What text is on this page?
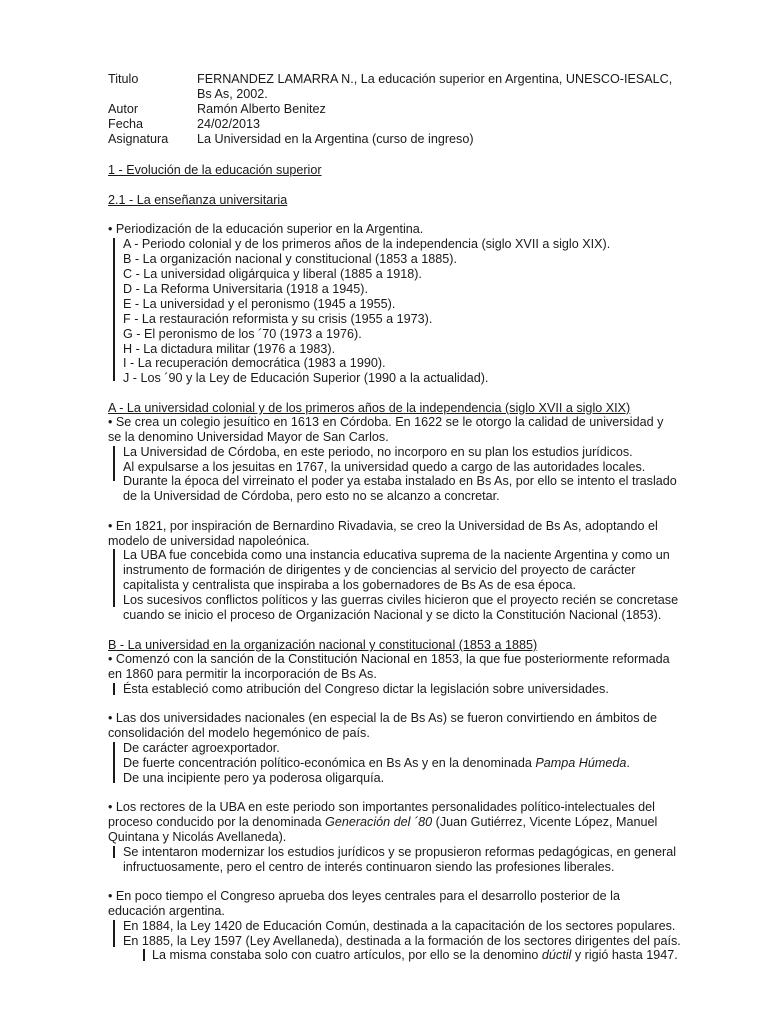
Titulo	FERNANDEZ LAMARRA N., La educación superior en Argentina, UNESCO-IESALC,
Bs As, 2002.
Autor	Ramón Alberto Benitez
Fecha	24/02/2013
Asignatura	La Universidad en la Argentina (curso de ingreso)
1 - Evolución de la educación superior
2.1 - La enseñanza universitaria
• Periodización de la educación superior en la Argentina.
A - Periodo colonial y de los primeros años de la independencia (siglo XVII a siglo XIX).
B - La organización nacional y constitucional (1853 a 1885).
C - La universidad oligárquica y liberal (1885 a 1918).
D - La Reforma Universitaria (1918 a 1945).
E - La universidad y el peronismo (1945 a 1955).
F - La restauración reformista y su crisis (1955 a 1973).
G - El peronismo de los ´70 (1973 a 1976).
H - La dictadura militar (1976 a 1983).
I - La recuperación democrática (1983 a 1990).
J - Los ´90 y la Ley de Educación Superior (1990 a la actualidad).
A - La universidad colonial y de los primeros años de la independencia (siglo XVII a siglo XIX)
• Se crea un colegio jesuítico en 1613 en Córdoba. En 1622 se le otorgo la calidad de universidad y
se la denomino Universidad Mayor de San Carlos.
La Universidad de Córdoba, en este periodo, no incorporo en su plan los estudios jurídicos.
Al expulsarse a los jesuitas en 1767, la universidad quedo a cargo de las autoridades locales.
Durante la época del virreinato el poder ya estaba instalado en Bs As, por ello se intento el traslado
de la Universidad de Córdoba, pero esto no se alcanzo a concretar.
• En 1821, por inspiración de Bernardino Rivadavia, se creo la Universidad de Bs As, adoptando el
modelo de universidad napoleónica.
La UBA fue concebida como una instancia educativa suprema de la naciente Argentina y como un
instrumento de formación de dirigentes y de conciencias al servicio del proyecto de carácter
capitalista y centralista que inspiraba a los gobernadores de Bs As de esa época.
Los sucesivos conflictos políticos y las guerras civiles hicieron que el proyecto recién se concretase
cuando se inicio el proceso de Organización Nacional y se dicto la Constitución Nacional (1853).
B - La universidad en la organización nacional y constitucional (1853 a 1885)
• Comenzó con la sanción de la Constitución Nacional en 1853, la que fue posteriormente reformada
en 1860 para permitir la incorporación de Bs As.
Ésta estableció como atribución del Congreso dictar la legislación sobre universidades.
• Las dos universidades nacionales (en especial la de Bs As) se fueron convirtiendo en ámbitos de
consolidación del modelo hegemónico de país.
De carácter agroexportador.
De fuerte concentración político-económica en Bs As y en la denominada Pampa Húmeda.
De una incipiente pero ya poderosa oligarquía.
• Los rectores de la UBA en este periodo son importantes personalidades político-intelectuales del
proceso conducido por la denominada Generación del ´80 (Juan Gutiérrez, Vicente López, Manuel
Quintana y Nicolás Avellaneda).
Se intentaron modernizar los estudios jurídicos y se propusieron reformas pedagógicas, en general
infructuosamente, pero el centro de interés continuaron siendo las profesiones liberales.
• En poco tiempo el Congreso aprueba dos leyes centrales para el desarrollo posterior de la
educación argentina.
En 1884, la Ley 1420 de Educación Común, destinada a la capacitación de los sectores populares.
En 1885, la Ley 1597 (Ley Avellaneda), destinada a la formación de los sectores dirigentes del país.
La misma constaba solo con cuatro artículos, por ello se la denomino dúctil y rigió hasta 1947.
